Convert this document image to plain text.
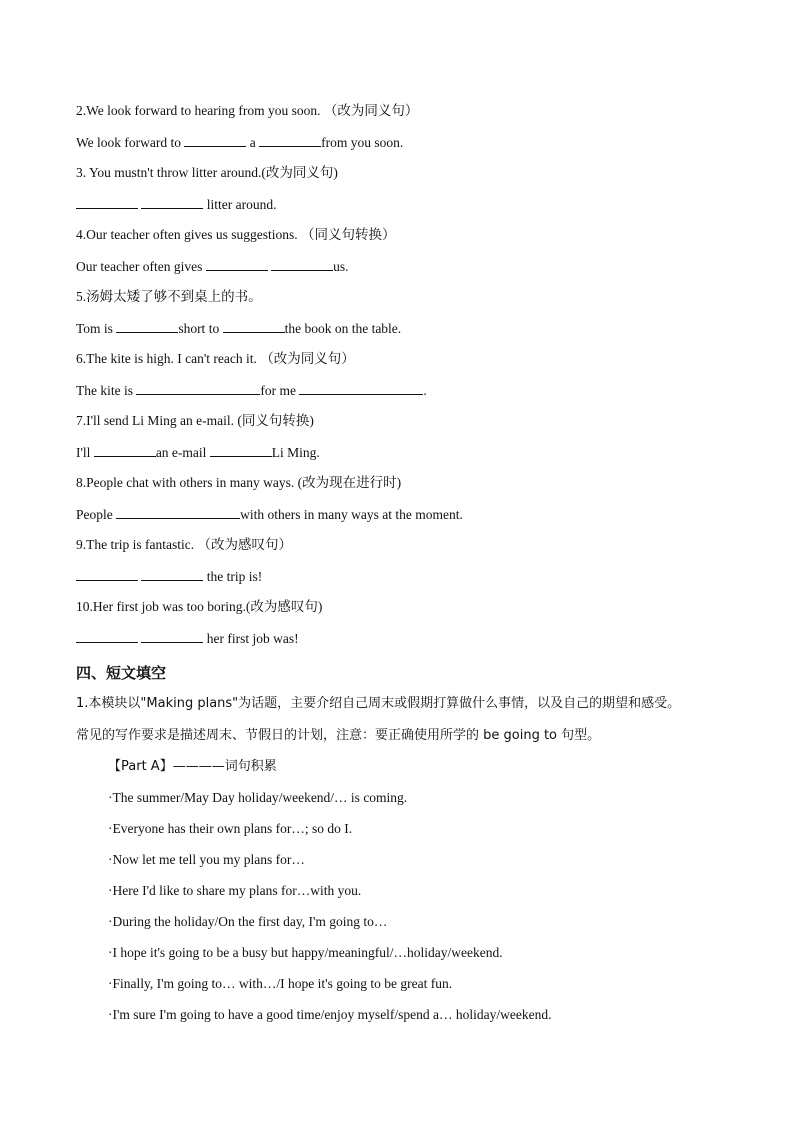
2.We look forward to hearing from you soon. （改为同义句）
We look forward to	a	from you soon.
3. You mustn't throw litter around.(改为同义句)
litter around.
4.Our teacher often gives us suggestions. （同义句转换）
Our teacher often gives	us.
5.汤姆太矮了够不到桌上的书。
Tom is	short to	the book on the table.
6.The kite is high. I can't reach it. （改为同义句）
The kite is	for me	.
7.I'll send Li Ming an e-mail. (同义句转换)
I'll	an e-mail	Li Ming.
8.People chat with others in many ways. (改为现在进行时)
People	with others in many ways at the moment.
9.The trip is fantastic. （改为感叹句）
the trip is!
10.Her first job was too boring.(改为感叹句)
her first job was!
四、短文填空
1.本模块以"Making plans"为话题，主要介绍自己周末或假期打算做什么事情，以及自己的期望和感受。
常见的写作要求是描述周末、节假日的计划，注意：要正确使用所学的 be going to 句型。
【Part A】————词句积累
·The summer/May Day holiday/weekend/… is coming.
·Everyone has their own plans for…; so do I.
·Now let me tell you my plans for…
·Here I'd like to share my plans for…with you.
·During the holiday/On the first day, I'm going to…
·I hope it's going to be a busy but happy/meaningful/…holiday/weekend.
·Finally, I'm going to… with…/I hope it's going to be great fun.
·I'm sure I'm going to have a good time/enjoy myself/spend a… holiday/weekend.
